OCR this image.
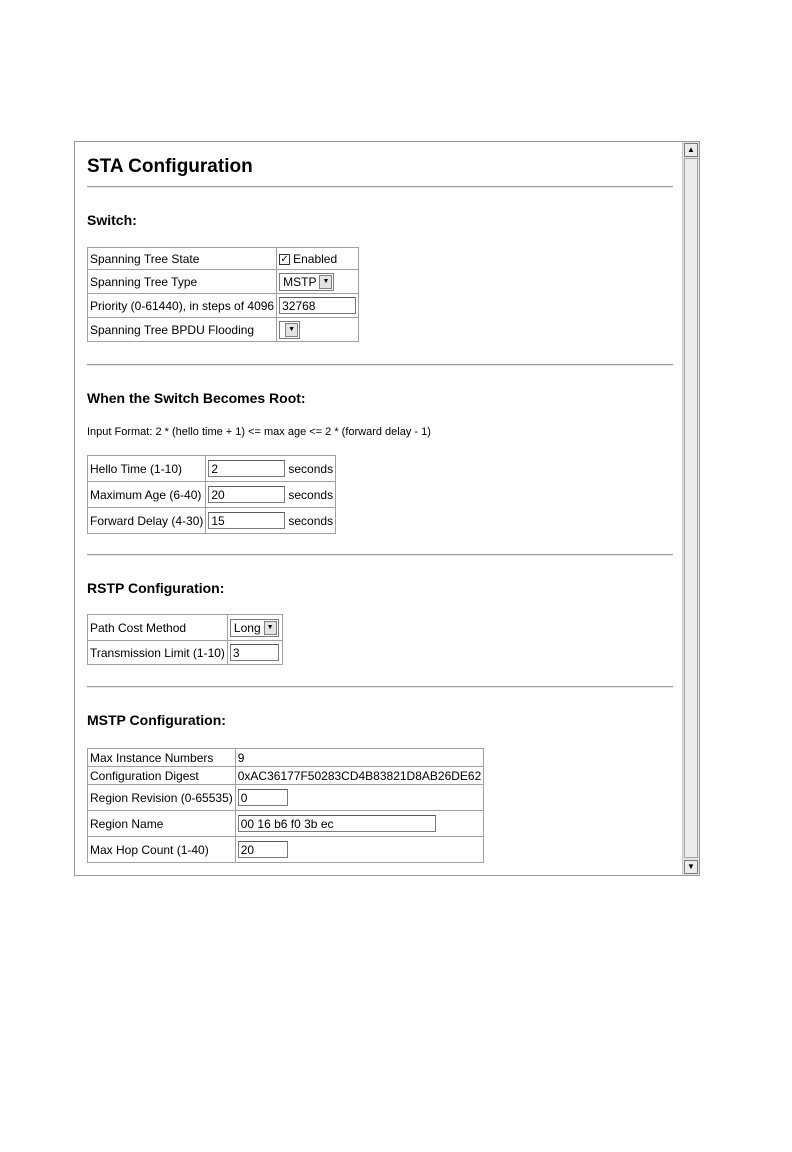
STA Configuration
Switch:
Spanning Tree State	✓ Enabled
Spanning Tree Type	MSTP ▼

Priority (0-61440), in steps of 4096	32768
Spanning Tree BPDU Flooding	▼
When the Switch Becomes Root:
Input Format: 2 * (hello time + 1) <= max age <= 2 * (forward delay - 1)
Hello Time (1-10)	2 seconds
Maximum Age (6-40)	20 seconds
Forward Delay (4-30)	15 seconds
RSTP Configuration:
Path Cost Method	Long ▼

Transmission Limit (1-10)	3
MSTP Configuration:
Max Instance Numbers	9
Configuration Digest	0xAC36177F50283CD4B83821D8AB26DE62
Region Revision (0-65535)	0
Region Name	00 16 b6 f0 3b ec
Max Hop Count (1-40)	20
▲
▼
